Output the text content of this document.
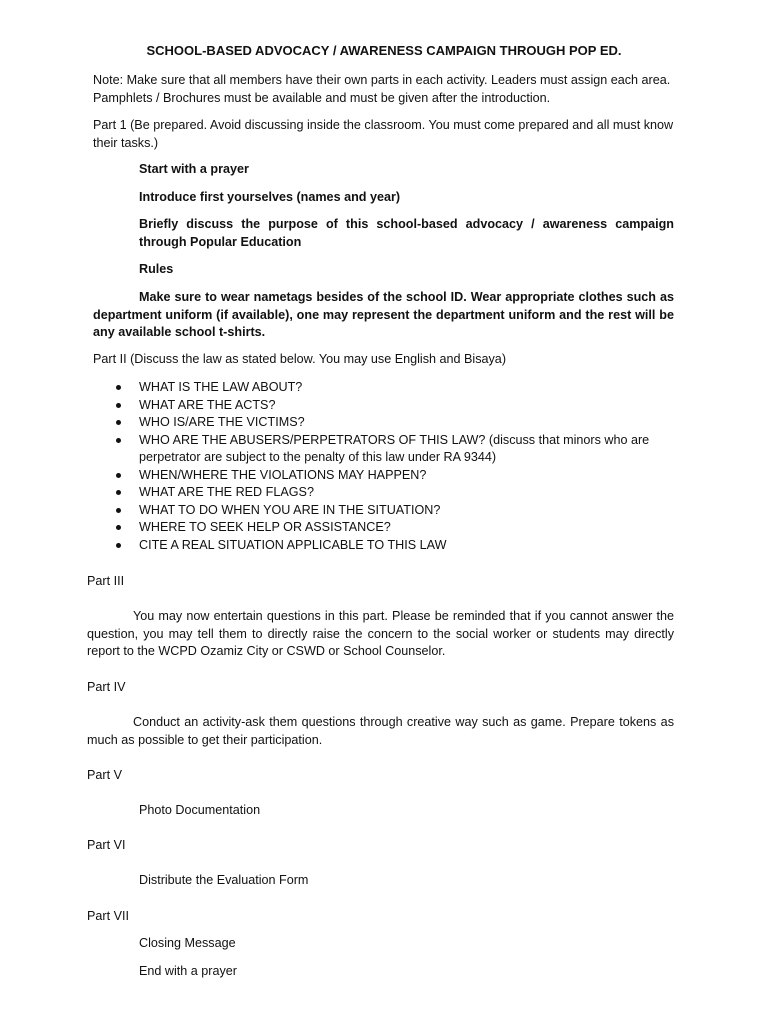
SCHOOL-BASED ADVOCACY / AWARENESS CAMPAIGN THROUGH POP ED.
Note: Make sure that all members have their own parts in each activity. Leaders must assign each area. Pamphlets / Brochures must be available and must be given after the introduction.
Part 1 (Be prepared. Avoid discussing inside the classroom. You must come prepared and all must know their tasks.)
Start with a prayer
Introduce first yourselves (names and year)
Briefly discuss the purpose of this school-based advocacy / awareness campaign through Popular Education
Rules
Make sure to wear nametags besides of the school ID. Wear appropriate clothes such as department uniform (if available), one may represent the department uniform and the rest will be any available school t-shirts.
Part II (Discuss the law as stated below. You may use English and Bisaya)
WHAT IS THE LAW ABOUT?
WHAT ARE THE ACTS?
WHO IS/ARE THE VICTIMS?
WHO ARE THE ABUSERS/PERPETRATORS OF THIS LAW? (discuss that minors who are perpetrator are subject to the penalty of this law under RA 9344)
WHEN/WHERE THE VIOLATIONS MAY HAPPEN?
WHAT ARE THE RED FLAGS?
WHAT TO DO WHEN YOU ARE IN THE SITUATION?
WHERE TO SEEK HELP OR ASSISTANCE?
CITE A REAL SITUATION APPLICABLE TO THIS LAW
Part III
You may now entertain questions in this part. Please be reminded that if you cannot answer the question, you may tell them to directly raise the concern to the social worker or students may directly report to the WCPD Ozamiz City or CSWD or School Counselor.
Part IV
Conduct an activity-ask them questions through creative way such as game. Prepare tokens as much as possible to get their participation.
Part V
Photo Documentation
Part VI
Distribute the Evaluation Form
Part VII
Closing Message
End with a prayer
